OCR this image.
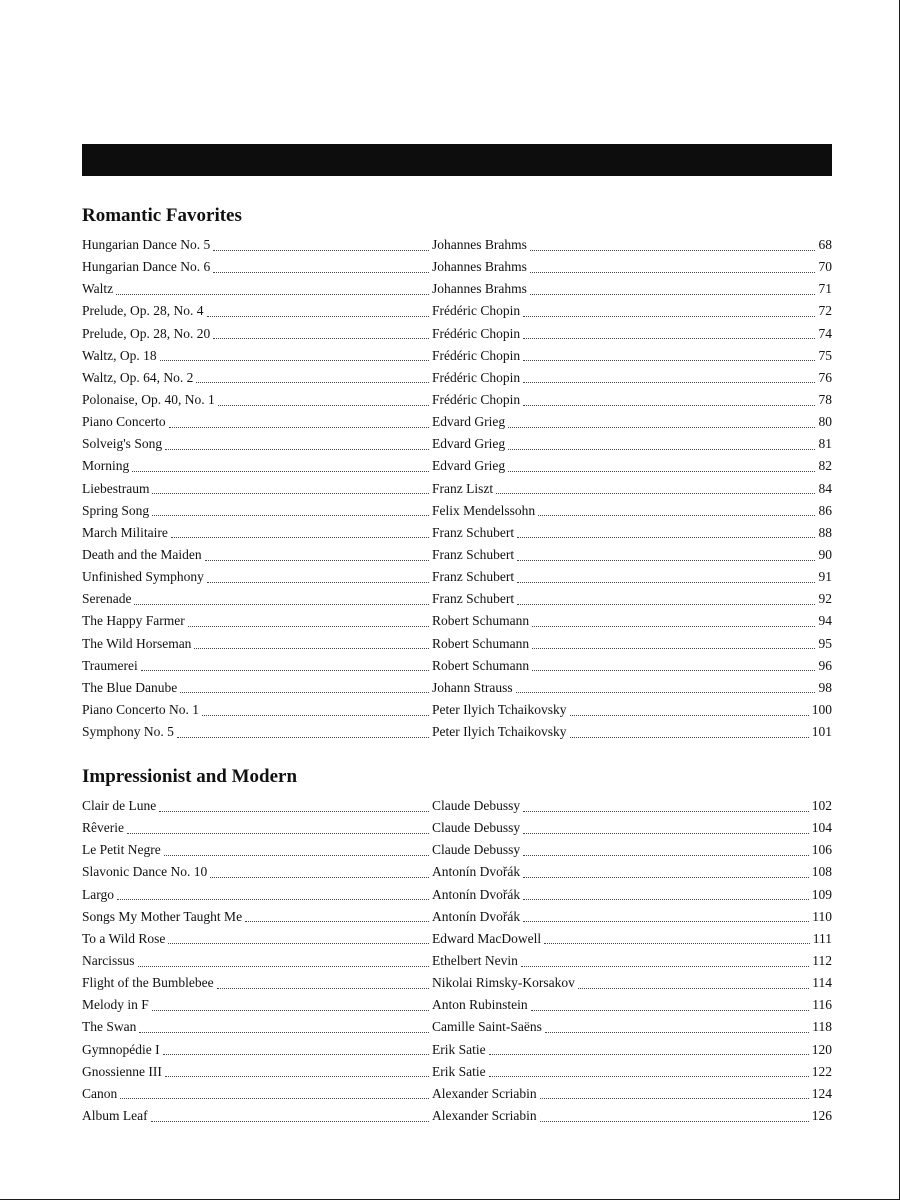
Romantic Favorites
Hungarian Dance No. 5	Johannes Brahms	68
Hungarian Dance No. 6	Johannes Brahms	70
Waltz	Johannes Brahms	71
Prelude, Op. 28, No. 4	Frédéric Chopin	72
Prelude, Op. 28, No. 20	Frédéric Chopin	74
Waltz, Op. 18	Frédéric Chopin	75
Waltz, Op. 64, No. 2	Frédéric Chopin	76
Polonaise, Op. 40, No. 1	Frédéric Chopin	78
Piano Concerto	Edvard Grieg	80
Solveig's Song	Edvard Grieg	81
Morning	Edvard Grieg	82
Liebestraum	Franz Liszt	84
Spring Song	Felix Mendelssohn	86
March Militaire	Franz Schubert	88
Death and the Maiden	Franz Schubert	90
Unfinished Symphony	Franz Schubert	91
Serenade	Franz Schubert	92
The Happy Farmer	Robert Schumann	94
The Wild Horseman	Robert Schumann	95
Traumerei	Robert Schumann	96
The Blue Danube	Johann Strauss	98
Piano Concerto No. 1	Peter Ilyich Tchaikovsky	100
Symphony No. 5	Peter Ilyich Tchaikovsky	101
Impressionist and Modern
Clair de Lune	Claude Debussy	102
Rêverie	Claude Debussy	104
Le Petit Negre	Claude Debussy	106
Slavonic Dance No. 10	Antonín Dvořák	108
Largo	Antonín Dvořák	109
Songs My Mother Taught Me	Antonín Dvořák	110
To a Wild Rose	Edward MacDowell	111
Narcissus	Ethelbert Nevin	112
Flight of the Bumblebee	Nikolai Rimsky-Korsakov	114
Melody in F	Anton Rubinstein	116
The Swan	Camille Saint-Saëns	118
Gymnopédie I	Erik Satie	120
Gnossienne III	Erik Satie	122
Canon	Alexander Scriabin	124
Album Leaf	Alexander Scriabin	126
